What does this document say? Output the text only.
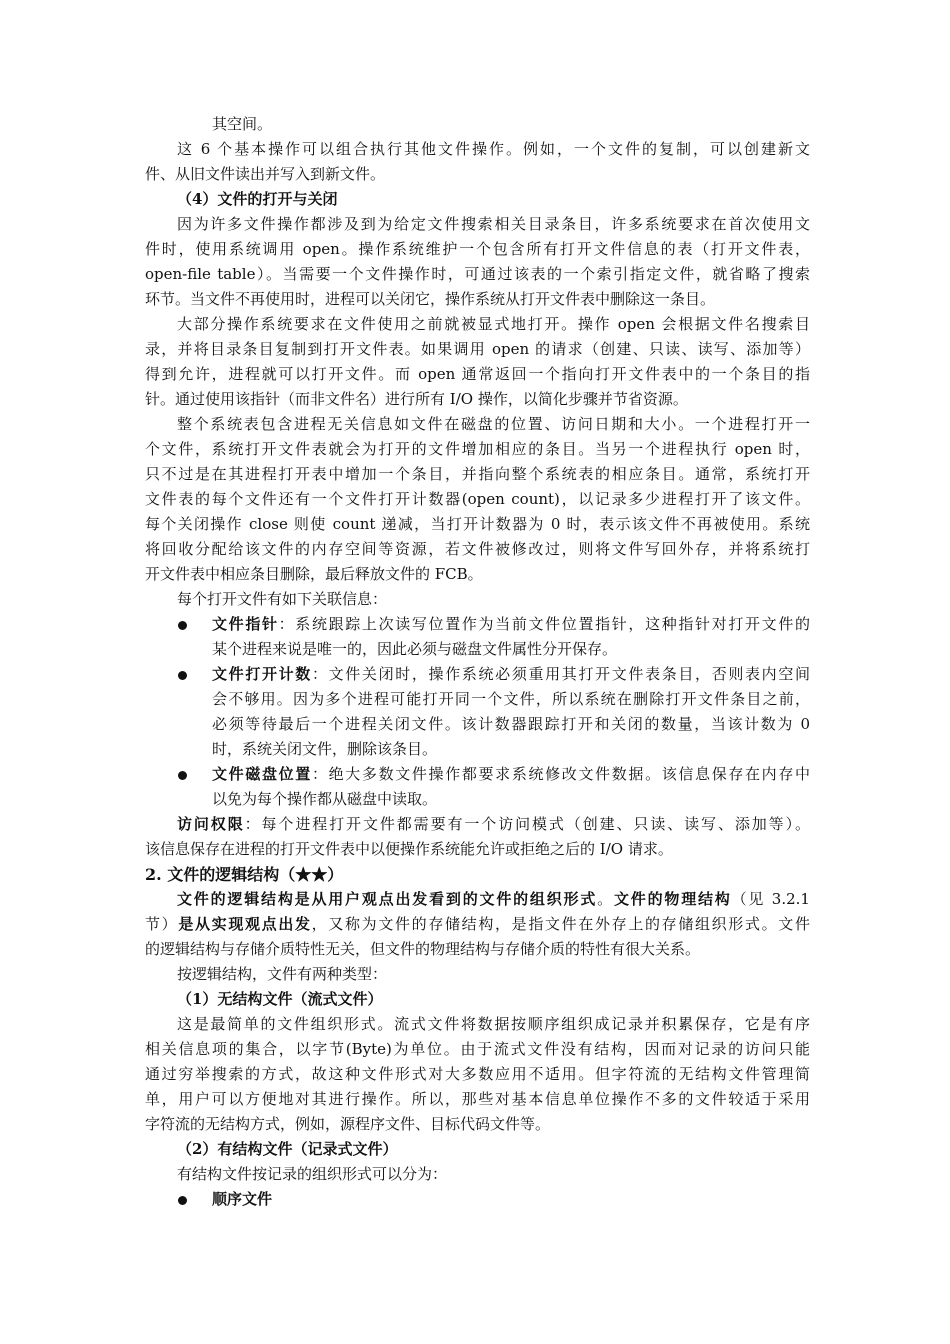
其空间。
这 6 个基本操作可以组合执行其他文件操作。例如，一个文件的复制，可以创建新文
件、从旧文件读出并写入到新文件。
（4）文件的打开与关闭
因为许多文件操作都涉及到为给定文件搜索相关目录条目，许多系统要求在首次使用文
件时，使用系统调用 open。操作系统维护一个包含所有打开文件信息的表（打开文件表，
open-file table）。当需要一个文件操作时，可通过该表的一个索引指定文件，就省略了搜索
环节。当文件不再使用时，进程可以关闭它，操作系统从打开文件表中删除这一条目。
大部分操作系统要求在文件使用之前就被显式地打开。操作 open 会根据文件名搜索目
录，并将目录条目复制到打开文件表。如果调用 open 的请求（创建、只读、读写、添加等）
得到允许，进程就可以打开文件。而 open 通常返回一个指向打开文件表中的一个条目的指
针。通过使用该指针（而非文件名）进行所有 I/O 操作，以简化步骤并节省资源。
整个系统表包含进程无关信息如文件在磁盘的位置、访问日期和大小。一个进程打开一
个文件，系统打开文件表就会为打开的文件增加相应的条目。当另一个进程执行 open 时，
只不过是在其进程打开表中增加一个条目，并指向整个系统表的相应条目。通常，系统打开
文件表的每个文件还有一个文件打开计数器(open count)，以记录多少进程打开了该文件。
每个关闭操作 close 则使 count 递减，当打开计数器为 0 时，表示该文件不再被使用。系统
将回收分配给该文件的内存空间等资源，若文件被修改过，则将文件写回外存，并将系统打
开文件表中相应条目删除，最后释放文件的 FCB。
每个打开文件有如下关联信息：
文件指针：系统跟踪上次读写位置作为当前文件位置指针，这种指针对打开文件的
某个进程来说是唯一的，因此必须与磁盘文件属性分开保存。
文件打开计数：文件关闭时，操作系统必须重用其打开文件表条目，否则表内空间
会不够用。因为多个进程可能打开同一个文件，所以系统在删除打开文件条目之前，
必须等待最后一个进程关闭文件。该计数器跟踪打开和关闭的数量，当该计数为 0
时，系统关闭文件，删除该条目。
文件磁盘位置：绝大多数文件操作都要求系统修改文件数据。该信息保存在内存中
以免为每个操作都从磁盘中读取。
访问权限：每个进程打开文件都需要有一个访问模式（创建、只读、读写、添加等）。
该信息保存在进程的打开文件表中以便操作系统能允许或拒绝之后的 I/O 请求。
2. 文件的逻辑结构（★★）
文件的逻辑结构是从用户观点出发看到的文件的组织形式。文件的物理结构（见 3.2.1
节）是从实现观点出发，又称为文件的存储结构，是指文件在外存上的存储组织形式。文件
的逻辑结构与存储介质特性无关，但文件的物理结构与存储介质的特性有很大关系。
按逻辑结构，文件有两种类型：
（1）无结构文件（流式文件）
这是最简单的文件组织形式。流式文件将数据按顺序组织成记录并积累保存，它是有序
相关信息项的集合，以字节(Byte)为单位。由于流式文件没有结构，因而对记录的访问只能
通过穷举搜索的方式，故这种文件形式对大多数应用不适用。但字符流的无结构文件管理简
单，用户可以方便地对其进行操作。所以，那些对基本信息单位操作不多的文件较适于采用
字符流的无结构方式，例如，源程序文件、目标代码文件等。
（2）有结构文件（记录式文件）
有结构文件按记录的组织形式可以分为：
顺序文件
